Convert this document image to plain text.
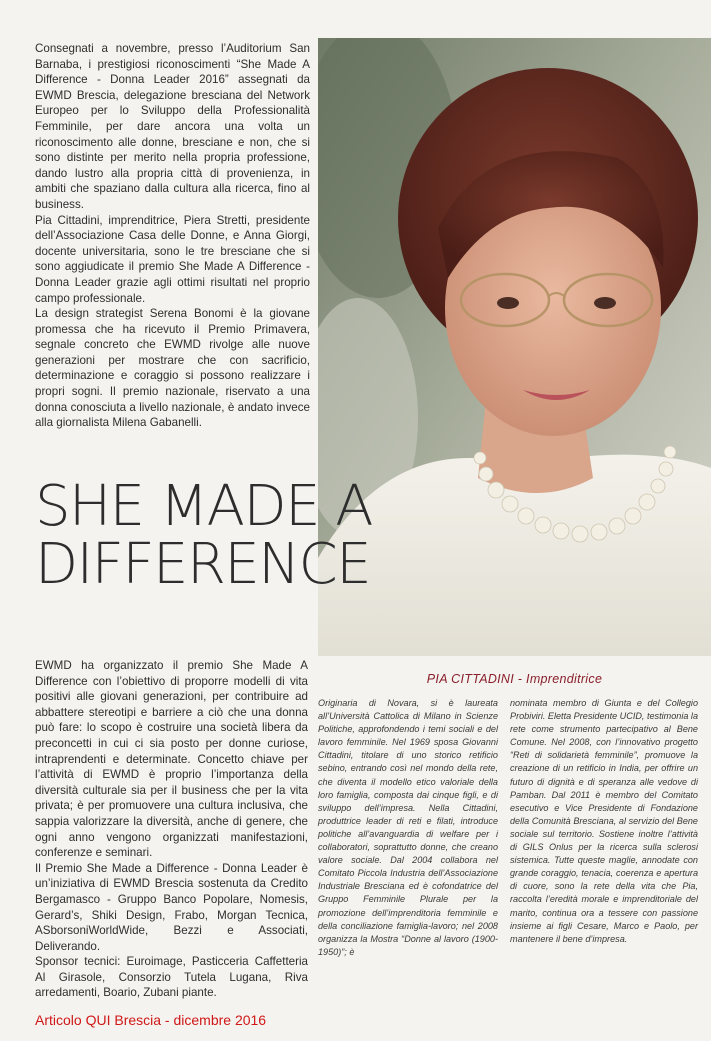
Consegnati a novembre, presso l’Auditorium San Barnaba, i prestigiosi riconoscimenti “She Made A Difference - Donna Leader 2016” assegnati da EWMD Brescia, delegazione bresciana del Network Europeo per lo Sviluppo della Professionalità Femminile, per dare ancora una volta un riconoscimento alle donne, bresciane e non, che si sono distinte per merito nella propria professione, dando lustro alla propria città di provenienza, in ambiti che spaziano dalla cultura alla ricerca, fino al business.

Pia Cittadini, imprenditrice, Piera Stretti, presidente dell’Associazione Casa delle Donne, e Anna Giorgi, docente universitaria, sono le tre bresciane che si sono aggiudicate il premio She Made A Difference - Donna Leader grazie agli ottimi risultati nel proprio campo professionale.

La design strategist Serena Bonomi è la giovane promessa che ha ricevuto il Premio Primavera, segnale concreto che EWMD rivolge alle nuove generazioni per mostrare che con sacrificio, determinazione e coraggio si possono realizzare i propri sogni. Il premio nazionale, riservato a una donna conosciuta a livello nazionale, è andato invece alla giornalista Milena Gabanelli.

SHE MADE A
DIFFERENCE

EWMD ha organizzato il premio She Made A Difference con l’obiettivo di proporre modelli di vita positivi alle giovani generazioni, per contribuire ad abbattere stereotipi e barriere a ciò che una donna può fare: lo scopo è costruire una società libera da preconcetti in cui ci sia posto per donne curiose, intraprendenti e determinate. Concetto chiave per l’attività di EWMD è proprio l’importanza della diversità culturale sia per il business che per la vita privata; è per promuovere una cultura inclusiva, che sappia valorizzare la diversità, anche di genere, che ogni anno vengono organizzati manifestazioni, conferenze e seminari.

Il Premio She Made a Difference - Donna Leader è un’iniziativa di EWMD Brescia sostenuta da Credito Bergamasco - Gruppo Banco Popolare, Nomesis, Gerard’s, Shiki Design, Frabo, Morgan Tecnica, ASborsoniWorldWide, Bezzi e Associati, Deliverando.

Sponsor tecnici: Euroimage, Pasticceria Caffetteria Al Girasole, Consorzio Tutela Lugana, Riva arredamenti, Boario, Zubani piante.

PIA CITTADINI - Imprenditrice
Originaria di Novara, si è laureata all’Università Cattolica di Milano in Scienze Politiche, approfondendo i temi sociali e del lavoro femminile. Nel 1969 sposa Giovanni Cittadini, titolare di uno storico retificio sebino, entrando così nel mondo della rete, che diventa il modello etico valoriale della loro famiglia, composta dai cinque figli, e di sviluppo dell’impresa. Nella Cittadini, produttrice leader di reti e filati, introduce politiche all’avanguardia di welfare per i collaboratori, soprattutto donne, che creano valore sociale. Dal 2004 collabora nel Comitato Piccola Industria dell’Associazione Industriale Bresciana ed è cofondatrice del Gruppo Femminile Plurale per la promozione dell’imprenditoria femminile e della conciliazione famiglia-lavoro; nel 2008 organizza la Mostra “Donne al lavoro (1900-1950)”; è
nominata membro di Giunta e del Collegio Probiviri. Eletta Presidente UCID, testimonia la rete come strumento partecipativo al Bene Comune. Nel 2008, con l’innovativo progetto “Reti di solidarietà femminile”, promuove la creazione di un retificio in India, per offrire un futuro di dignità e di speranza alle vedove di Pamban. Dal 2011 è membro del Comitato esecutivo e Vice Presidente di Fondazione della Comunità Bresciana, al servizio del Bene sociale sul territorio. Sostiene inoltre l’attività di GILS Onlus per la ricerca sulla sclerosi sistemica. Tutte queste maglie, annodate con grande coraggio, tenacia, coerenza e apertura di cuore, sono la rete della vita che Pia, raccolta l’eredità morale e imprenditoriale del marito, continua ora a tessere con passione insieme ai figli Cesare, Marco e Paolo, per mantenere il bene d’impresa.
Articolo QUI Brescia - dicembre 2016
